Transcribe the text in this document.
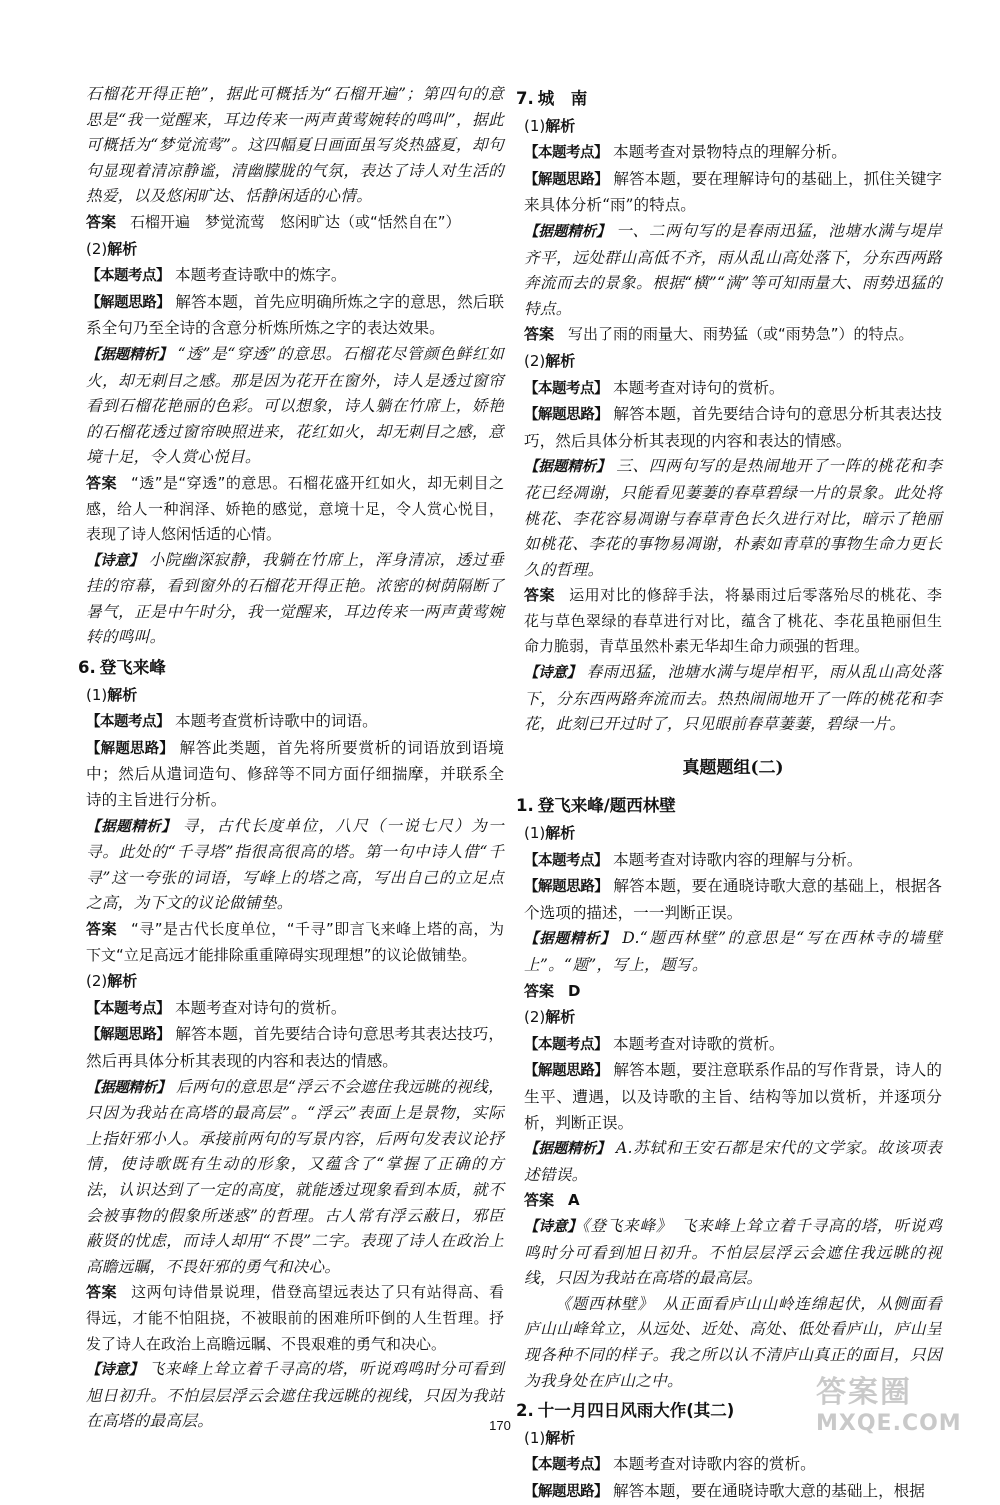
石榴花开得正艳”，据此可概括为“石榴开遍”；第四句的意思是“我一觉醒来，耳边传来一两声黄莺婉转的鸣叫”，据此可概括为“梦觉流莺”。这四幅夏日画面虽写炎热盛夏，却句句显现着清凉静谧，清幽朦胧的气氛，表达了诗人对生活的热爱，以及悠闲旷达、恬静闲适的心情。

答案 石榴开遍　梦觉流莺　悠闲旷达（或“恬然自在”）

(2)解析

【本题考点】 本题考查诗歌中的炼字。

【解题思路】 解答本题，首先应明确所炼之字的意思，然后联系全句乃至全诗的含意分析炼所炼之字的表达效果。

【据题精析】 “透”是“穿透”的意思。石榴花尽管颜色鲜红如火，却无刺目之感。那是因为花开在窗外，诗人是透过窗帘看到石榴花艳丽的色彩。可以想象，诗人躺在竹席上，娇艳的石榴花透过窗帘映照进来，花红如火，却无刺目之感，意境十足，令人赏心悦目。

答案 “透”是“穿透”的意思。石榴花盛开红如火，却无刺目之感，给人一种润泽、娇艳的感觉，意境十足，令人赏心悦目，表现了诗人悠闲恬适的心情。

【诗意】 小院幽深寂静，我躺在竹席上，浑身清凉，透过垂挂的帘幕，看到窗外的石榴花开得正艳。浓密的树荫隔断了暑气，正是中午时分，我一觉醒来，耳边传来一两声黄莺婉转的鸣叫。

6. 登飞来峰

(1)解析

【本题考点】 本题考查赏析诗歌中的词语。

【解题思路】 解答此类题，首先将所要赏析的词语放到语境中；然后从遣词造句、修辞等不同方面仔细揣摩，并联系全诗的主旨进行分析。

【据题精析】 寻，古代长度单位，八尺（一说七尺）为一寻。此处的“千寻塔”指很高很高的塔。第一句中诗人借“千寻”这一夸张的词语，写峰上的塔之高，写出自己的立足点之高，为下文的议论做铺垫。

答案 “寻”是古代长度单位，“千寻”即言飞来峰上塔的高，为下文“立足高远才能排除重重障碍实现理想”的议论做铺垫。

(2)解析

【本题考点】 本题考查对诗句的赏析。

【解题思路】 解答本题，首先要结合诗句意思考其表达技巧，然后再具体分析其表现的内容和表达的情感。

【据题精析】 后两句的意思是“浮云不会遮住我远眺的视线，只因为我站在高塔的最高层”。“浮云”表面上是景物，实际上指奸邪小人。承接前两句的写景内容，后两句发表议论抒情，使诗歌既有生动的形象，又蕴含了“掌握了正确的方法，认识达到了一定的高度，就能透过现象看到本质，就不会被事物的假象所迷惑”的哲理。古人常有浮云蔽日，邪臣蔽贤的忧虑，而诗人却用“不畏”二字。表现了诗人在政治上高瞻远瞩，不畏奸邪的勇气和决心。

答案 这两句诗借景说理，借登高望远表达了只有站得高、看得远，才能不怕阻挠，不被眼前的困难所吓倒的人生哲理。抒发了诗人在政治上高瞻远瞩、不畏艰难的勇气和决心。

【诗意】 飞来峰上耸立着千寻高的塔，听说鸡鸣时分可看到旭日初升。不怕层层浮云会遮住我远眺的视线，只因为我站在高塔的最高层。

7. 城　南

(1)解析

【本题考点】 本题考查对景物特点的理解分析。

【解题思路】 解答本题，要在理解诗句的基础上，抓住关键字来具体分析“雨”的特点。

【据题精析】 一、二两句写的是春雨迅猛，池塘水满与堤岸齐平，远处群山高低不齐，雨从乱山高处落下，分东西两路奔流而去的景象。根据“横”“满”等可知雨量大、雨势迅猛的特点。

答案 写出了雨的雨量大、雨势猛（或“雨势急”）的特点。

(2)解析

【本题考点】 本题考查对诗句的赏析。

【解题思路】 解答本题，首先要结合诗句的意思分析其表达技巧，然后具体分析其表现的内容和表达的情感。

【据题精析】 三、四两句写的是热闹地开了一阵的桃花和李花已经凋谢，只能看见萋萋的春草碧绿一片的景象。此处将桃花、李花容易凋谢与春草青色长久进行对比，暗示了艳丽如桃花、李花的事物易凋谢，朴素如青草的事物生命力更长久的哲理。

答案 运用对比的修辞手法，将暴雨过后零落殆尽的桃花、李花与草色翠绿的春草进行对比，蕴含了桃花、李花虽艳丽但生命力脆弱，青草虽然朴素无华却生命力顽强的哲理。

【诗意】 春雨迅猛，池塘水满与堤岸相平，雨从乱山高处落下，分东西两路奔流而去。热热闹闹地开了一阵的桃花和李花，此刻已开过时了，只见眼前春草萋萋，碧绿一片。

真题题组(二)

1. 登飞来峰/题西林壁

(1)解析

【本题考点】 本题考查对诗歌内容的理解与分析。

【解题思路】 解答本题，要在通晓诗歌大意的基础上，根据各个选项的描述，一一判断正误。

【据题精析】 D.“题西林壁”的意思是“写在西林寺的墙壁上”。“题”，写上，题写。

答案 D

(2)解析

【本题考点】 本题考查对诗歌的赏析。

【解题思路】 解答本题，要注意联系作品的写作背景，诗人的生平、遭遇，以及诗歌的主旨、结构等加以赏析，并逐项分析，判断正误。

【据题精析】 A.苏轼和王安石都是宋代的文学家。故该项表述错误。

答案 A

【诗意】《登飞来峰》　飞来峰上耸立着千寻高的塔，听说鸡鸣时分可看到旭日初升。不怕层层浮云会遮住我远眺的视线，只因为我站在高塔的最高层。

《题西林壁》　从正面看庐山山岭连绵起伏，从侧面看庐山山峰耸立，从远处、近处、高处、低处看庐山，庐山呈现各种不同的样子。我之所以认不清庐山真正的面目，只因为我身处在庐山之中。

2. 十一月四日风雨大作(其二)

(1)解析

【本题考点】 本题考查对诗歌内容的赏析。

【解题思路】 解答本题，要在通晓诗歌大意的基础上，根据

170
答案圈
MXQE.COM
